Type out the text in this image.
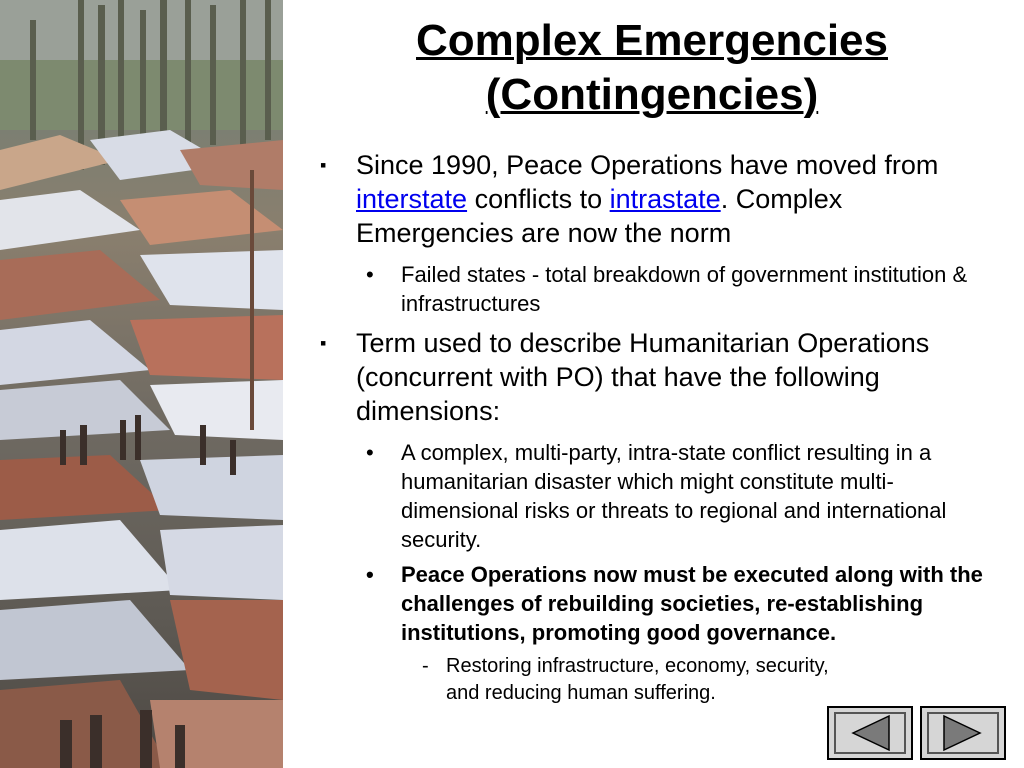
Complex Emergencies
(Contingencies)
▪ Since 1990, Peace Operations have moved from interstate conflicts to intrastate. Complex Emergencies are now the norm
• Failed states - total breakdown of government institution & infrastructures
▪ Term used to describe Humanitarian Operations (concurrent with PO) that have the following dimensions:
• A complex, multi-party, intra-state conflict resulting in a humanitarian disaster which might constitute multi-dimensional risks or threats to regional and international security.
• Peace Operations now must be executed along with the challenges of rebuilding societies, re-establishing institutions, promoting good governance.
- Restoring infrastructure, economy, security, and reducing human suffering.
